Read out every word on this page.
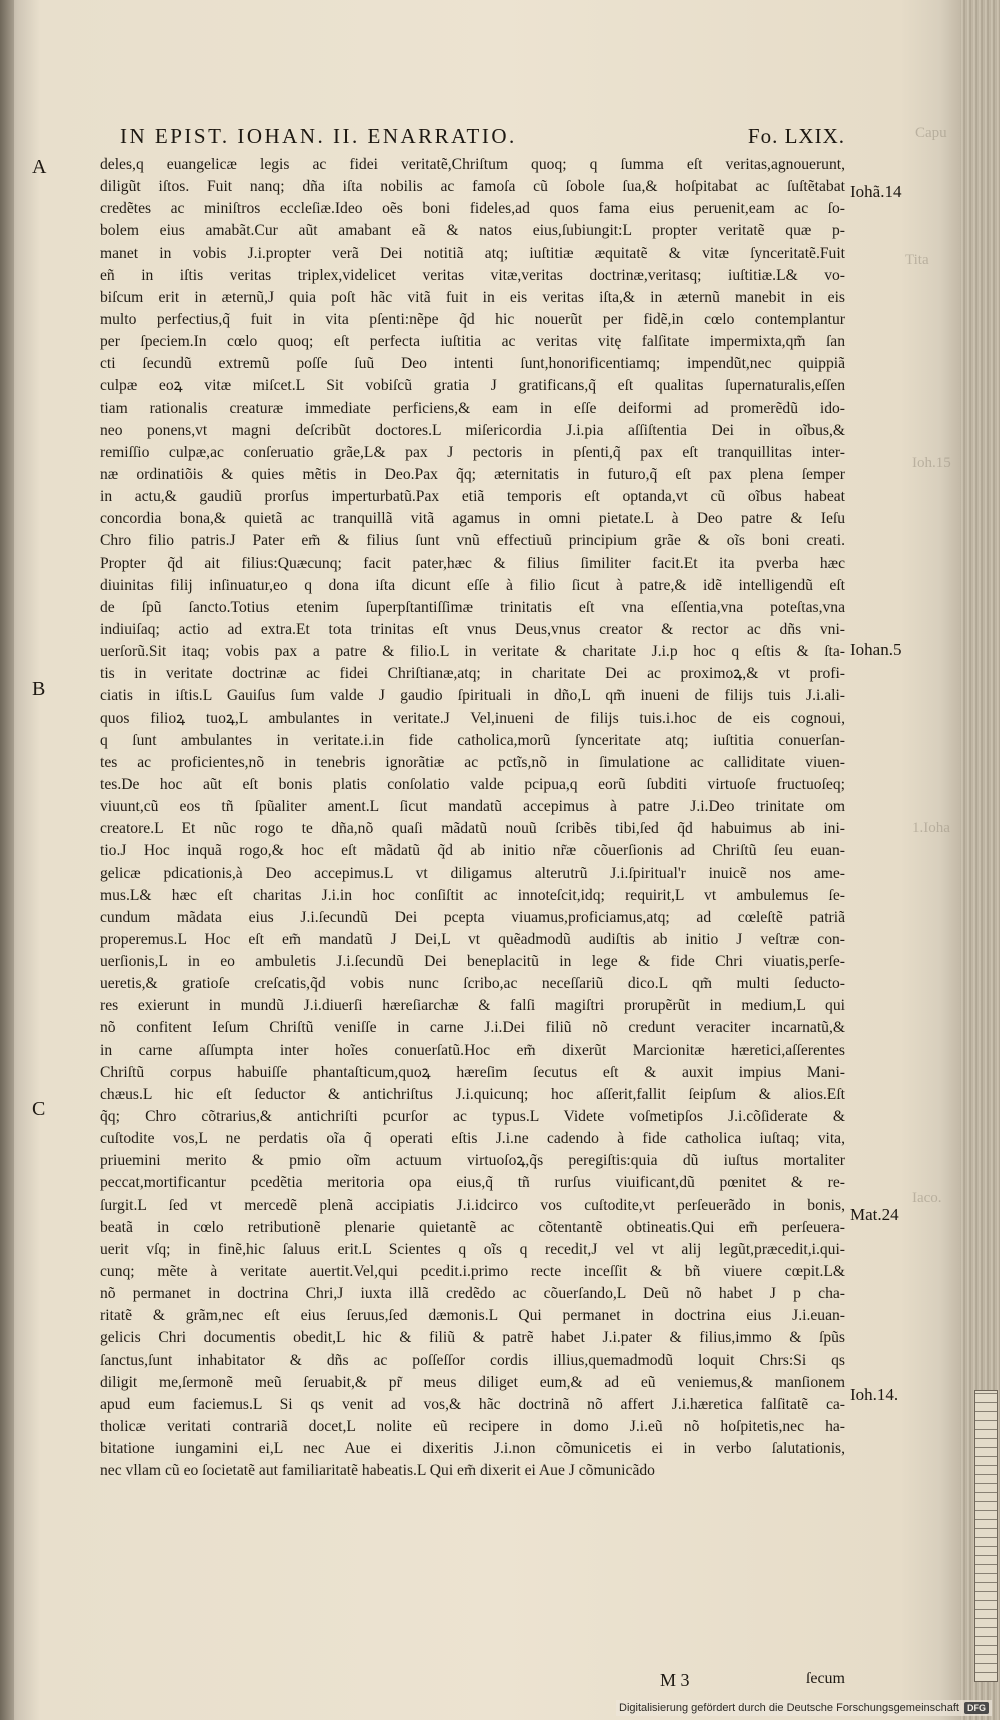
Capu
Tita
Ioh.15
1.Ioha
Iaco.
IN EPIST. IOHAN. II. ENARRATIO.	Fo. LXIX.
A
B
C
Iohã.14
Iohan.5
Mat.24
Ioh.14.
deles,q euangelicæ legis ac fidei veritatẽ,Chriſtum quoq; q ſumma eſt veritas,agnouerunt,
diligũt iſtos. Fuit nanq; dña iſta nobilis ac famoſa cũ ſobole ſua,& hoſpitabat ac ſuſtẽtabat
credẽtes ac miniſtros eccleſiæ.Ideo oẽs boni fideles,ad quos fama eius peruenit,eam ac ſo-
bolem eius amabãt.Cur aũt amabant eã & natos eius,ſubiungit:L propter veritatẽ quæ p-
manet in vobis J.i.propter verã Dei notitiã atq; iuſtitiæ æquitatẽ & vitæ ſynceritatẽ.Fuit
eñ in iſtis veritas triplex,videlicet veritas vitæ,veritas doctrinæ,veritasq; iuſtitiæ.L& vo-
biſcum erit in æternũ,J quia poſt hãc vitã fuit in eis veritas iſta,& in æternũ manebit in eis
multo perfectius,q̃ fuit in vita pſenti:nẽpe q̃d hic nouerũt per fidẽ,in cœlo contemplantur
per ſpeciem.In cœlo quoq; eſt perfecta iuſtitia ac veritas vitę falſitate impermixta,qm̃ ſan
cti ſecundũ extremũ poſſe ſuũ Deo intenti ſunt,honorificentiamq; impendũt,nec quippiã
culpæ eoꝝ vitæ miſcet.L Sit vobiſcũ gratia J gratificans,q̃ eſt qualitas ſupernaturalis,eſſen
tiam rationalis creaturæ immediate perficiens,& eam in eſſe deiformi ad promerẽdũ ido-
neo ponens,vt magni deſcribũt doctores.L miſericordia J.i.pia aſſiſtentia Dei in oĩbus,&
remiſſio culpæ,ac conſeruatio grãe,L& pax J pectoris in pſenti,q̃ pax eſt tranquillitas inter-
næ ordinatiõis & quies mẽtis in Deo.Pax q̃q; æternitatis in futuro,q̃ eſt pax plena ſemper
in actu,& gaudiũ prorſus imperturbatũ.Pax etiã temporis eſt optanda,vt cũ oĩbus habeat
concordia bona,& quietã ac tranquillã vitã agamus in omni pietate.L à Deo patre & Ieſu
Chro filio patris.J Pater em̃ & filius ſunt vnũ effectiuũ principium grãe & oĩs boni creati.
Propter q̃d ait filius:Quæcunq; facit pater,hæc & filius ſimiliter facit.Et ita pverba hæc
diuinitas filij inſinuatur,eo q dona iſta dicunt eſſe à filio ſicut à patre,& idẽ intelligendũ eſt
de ſpũ ſancto.Totius etenim ſuperpſtantiſſimæ trinitatis eſt vna eſſentia,vna poteſtas,vna
indiuiſaq; actio ad extra.Et tota trinitas eſt vnus Deus,vnus creator & rector ac dñs vni-
uerſorũ.Sit itaq; vobis pax a patre & filio.L in veritate & charitate J.i.p hoc q eſtis & ſta-
tis in veritate doctrinæ ac fidei Chriſtianæ,atq; in charitate Dei ac proximoꝝ,& vt profi-
ciatis in iſtis.L Gauiſus ſum valde J gaudio ſpirituali in dño,L qm̃ inueni de filijs tuis J.i.ali-
quos filioꝝ tuoꝝ,L ambulantes in veritate.J Vel,inueni de filijs tuis.i.hoc de eis cognoui,
q ſunt ambulantes in veritate.i.in fide catholica,morũ ſynceritate atq; iuſtitia conuerſan-
tes ac proficientes,nõ in tenebris ignorãtiæ ac pctĩs,nõ in ſimulatione ac calliditate viuen-
tes.De hoc aũt eſt bonis platis conſolatio valde pcipua,q eorũ ſubditi virtuoſe fructuoſeq;
viuunt,cũ eos tñ ſpũaliter ament.L ſicut mandatũ accepimus à patre J.i.Deo trinitate om
creatore.L Et nũc rogo te dña,nõ quaſi mãdatũ nouũ ſcribẽs tibi,ſed q̃d habuimus ab ini-
tio.J Hoc inquã rogo,& hoc eſt mãdatũ q̃d ab initio nr̃æ cõuerſionis ad Chriſtũ ſeu euan-
gelicæ pdicationis,à Deo accepimus.L vt diligamus alterutrũ J.i.ſpiritual'r inuicẽ nos ame-
mus.L& hæc eſt charitas J.i.in hoc conſiſtit ac innoteſcit,idq; requirit,L vt ambulemus ſe-
cundum mãdata eius J.i.ſecundũ Dei pcepta viuamus,proficiamus,atq; ad cœleſtẽ patriã
properemus.L Hoc eſt em̃ mandatũ J Dei,L vt quẽadmodũ audiſtis ab initio J veſtræ con-
uerſionis,L in eo ambuletis J.i.ſecundũ Dei beneplacitũ in lege & fide Chri viuatis,perſe-
ueretis,& gratioſe creſcatis,q̃d vobis nunc ſcribo,ac neceſſariũ dico.L qm̃ multi ſeducto-
res exierunt in mundũ J.i.diuerſi hæreſiarchæ & falſi magiſtri prorupẽrũt in medium,L qui
nõ confitent Ieſum Chriſtũ veniſſe in carne J.i.Dei filiũ nõ credunt veraciter incarnatũ,&
in carne aſſumpta inter hoĩes conuerſatũ.Hoc em̃ dixerũt Marcionitæ hæretici,aſſerentes
Chriſtũ corpus habuiſſe phantaſticum,quoꝝ hæreſim ſecutus eſt & auxit impius Mani-
chæus.L hic eſt ſeductor & antichriſtus J.i.quicunq; hoc aſſerit,fallit ſeipſum & alios.Eſt
q̃q; Chro cõtrarius,& antichriſti pcurſor ac typus.L Videte voſmetipſos J.i.cõſiderate &
cuſtodite vos,L ne perdatis oĩa q̃ operati eſtis J.i.ne cadendo à fide catholica iuſtaq; vita,
priuemini merito & pmio oĩm actuum virtuoſoꝝ,q̃s peregiſtis:quia dũ iuſtus mortaliter
peccat,mortificantur pcedẽtia meritoria opa eius,q̃ tñ rurſus viuificant,dũ pœnitet & re-
ſurgit.L ſed vt mercedẽ plenã accipiatis J.i.idcirco vos cuſtodite,vt perſeuerãdo in bonis,
beatã in cœlo retributionẽ plenarie quietantẽ ac cõtentantẽ obtineatis.Qui em̃ perſeuera-
uerit vſq; in finẽ,hic ſaluus erit.L Scientes q oĩs q recedit,J vel vt alij legũt,præcedit,i.qui-
cunq; mẽte à veritate auertit.Vel,qui pcedit.i.primo recte inceſſit & bñ viuere cœpit.L&
nõ permanet in doctrina Chri,J iuxta illã credẽdo ac cõuerſando,L Deũ nõ habet J p cha-
ritatẽ & grãm,nec eſt eius ſeruus,ſed dæmonis.L Qui permanet in doctrina eius J.i.euan-
gelicis Chri documentis obedit,L hic & filiũ & patrẽ habet J.i.pater & filius,immo & ſpũs
ſanctus,ſunt inhabitator & dñs ac poſſeſſor cordis illius,quemadmodũ loquit Chrs:Si qs
diligit me,ſermonẽ meũ ſeruabit,& pr̃ meus diliget eum,& ad eũ veniemus,& manſionem
apud eum faciemus.L Si qs venit ad vos,& hãc doctrinã nõ affert J.i.hæretica falſitatẽ ca-
tholicæ veritati contrariã docet,L nolite eũ recipere in domo J.i.eũ nõ hoſpitetis,nec ha-
bitatione iungamini ei,L nec Aue ei dixeritis J.i.non cõmunicetis ei in verbo ſalutationis,
nec vllam cũ eo ſocietatẽ aut familiaritatẽ habeatis.L Qui em̃ dixerit ei Aue J cõmunicãdo
M 3	ſecum
Digitalisierung gefördert durch die Deutsche Forschungsgemeinschaft DFG
